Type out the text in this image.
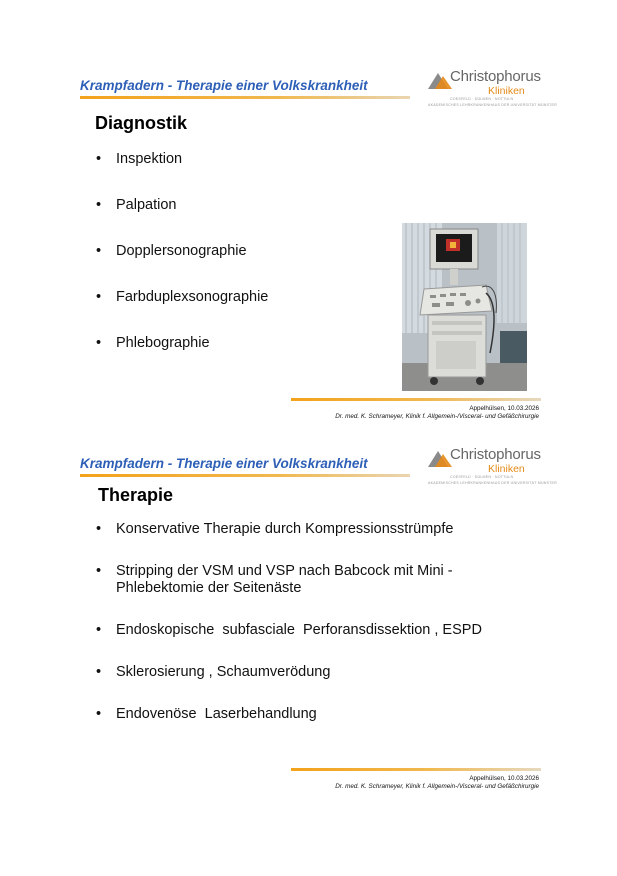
Krampfadern - Therapie einer Volkskrankheit
Christophorus
Kliniken
COESFELD · DÜLMEN · NOTTULN
AKADEMISCHES LEHRKRANKENHAUS DER UNIVERSITÄT MÜNSTER
Diagnostik
• Inspektion
• Palpation
• Dopplersonographie
• Farbduplexsonographie
• Phlebographie
Appelhülsen, 10.03.2026
Dr. med. K. Schrameyer, Klinik f. Allgemein-/Visceral- und Gefäßchirurgie
Krampfadern - Therapie einer Volkskrankheit
Christophorus
Kliniken
COESFELD · DÜLMEN · NOTTULN
AKADEMISCHES LEHRKRANKENHAUS DER UNIVERSITÄT MÜNSTER
Therapie
• Konservative Therapie durch Kompressionsstrümpfe
• Stripping der VSM und VSP nach Babcock mit Mini - Phlebektomie der Seitenäste
• Endoskopische  subfasciale  Perforansdissektion , ESPD
• Sklerosierung , Schaumverödung
• Endovenöse  Laserbehandlung
Appelhülsen, 10.03.2026
Dr. med. K. Schrameyer, Klinik f. Allgemein-/Visceral- und Gefäßchirurgie
